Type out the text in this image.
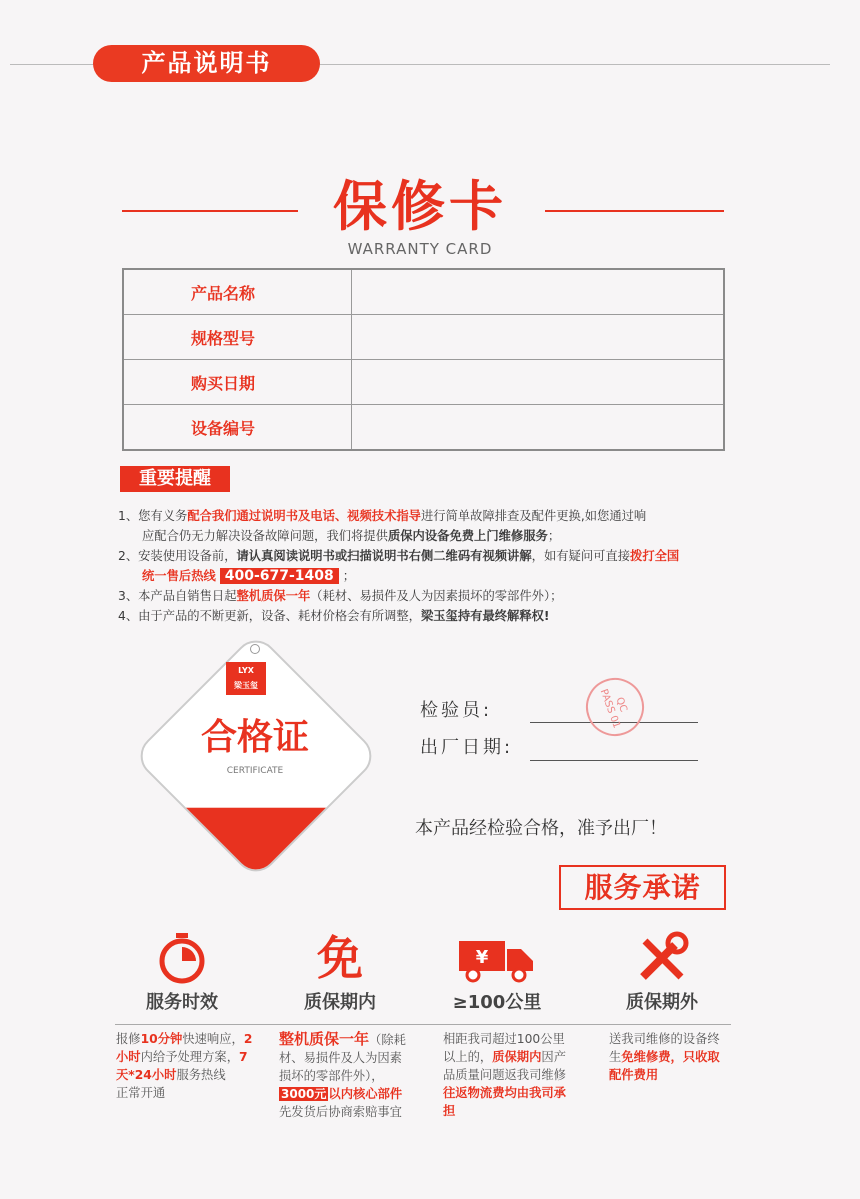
产品说明书
保修卡
WARRANTY CARD
产品名称	
规格型号	
购买日期	
设备编号	
重要提醒
1、您有义务配合我们通过说明书及电话、视频技术指导进行简单故障排查及配件更换,如您通过响
应配合仍无力解决设备故障问题，我们将提供质保内设备免费上门维修服务；
2、安装使用设备前，请认真阅读说明书或扫描说明书右侧二维码有视频讲解，如有疑问可直接拨打全国
统一售后热线 400-677-1408 ；
3、本产品自销售日起整机质保一年（耗材、易损件及人为因素损坏的零部件外）；
4、由于产品的不断更新，设备、耗材价格会有所调整，梁玉玺持有最终解释权!
LYX
梁玉玺
合格证
CERTIFICATE
检验员:
出厂日期:
QC PASS 01
本产品经检验合格，准予出厂！
服务承诺
服务时效
免
质保期内
¥
≥100公里	质保期外
报修10分钟快速响应，2小时内给予处理方案，7天*24小时服务热线
正常开通
整机质保一年（除耗材、易损件及人为因素损坏的零部件外），3000元 以内核心部件
先发货后协商索赔事宜
相距我司超过100公里以上的，质保期内因产品质量问题返我司维修往返物流费均由我司承担
送我司维修的设备终生免维修费，只收取配件费用
